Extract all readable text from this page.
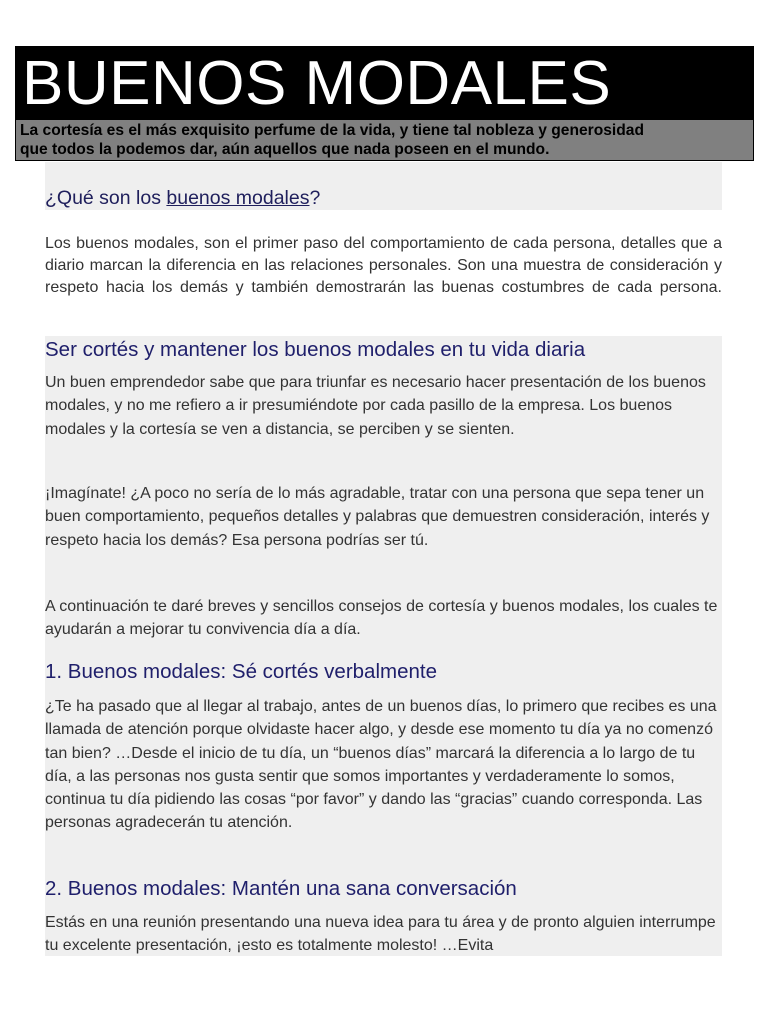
BUENOS MODALES
La cortesía es el más exquisito perfume de la vida, y tiene tal nobleza y generosidad
que todos la podemos dar, aún aquellos que nada poseen en el mundo.
¿Qué son los buenos modales?
Los buenos modales, son el primer paso del comportamiento de cada persona, detalles que a diario marcan la diferencia en las relaciones personales. Son una muestra de consideración y respeto hacia los demás y también demostrarán las buenas costumbres de cada persona.
Ser cortés y mantener los buenos modales en tu vida diaria
Un buen emprendedor sabe que para triunfar es necesario hacer presentación de los buenos modales, y no me refiero a ir presumiéndote por cada pasillo de la empresa. Los buenos modales y la cortesía se ven a distancia, se perciben y se sienten.
¡Imagínate! ¿A poco no sería de lo más agradable, tratar con una persona que sepa tener un buen comportamiento, pequeños detalles y palabras que demuestren consideración, interés y respeto hacia los demás? Esa persona podrías ser tú.
A continuación te daré breves y sencillos consejos de cortesía y buenos modales, los cuales te ayudarán a mejorar tu convivencia día a día.
1. Buenos modales: Sé cortés verbalmente
¿Te ha pasado que al llegar al trabajo, antes de un buenos días, lo primero que recibes es una llamada de atención porque olvidaste hacer algo, y desde ese momento tu día ya no comenzó tan bien? …Desde el inicio de tu día, un “buenos días” marcará la diferencia a lo largo de tu día, a las personas nos gusta sentir que somos importantes y verdaderamente lo somos, continua tu día pidiendo las cosas “por favor” y dando las “gracias” cuando corresponda. Las personas agradecerán tu atención.
2. Buenos modales: Mantén una sana conversación
Estás en una reunión presentando una nueva idea para tu área y de pronto alguien interrumpe tu excelente presentación, ¡esto es totalmente molesto! …Evita
